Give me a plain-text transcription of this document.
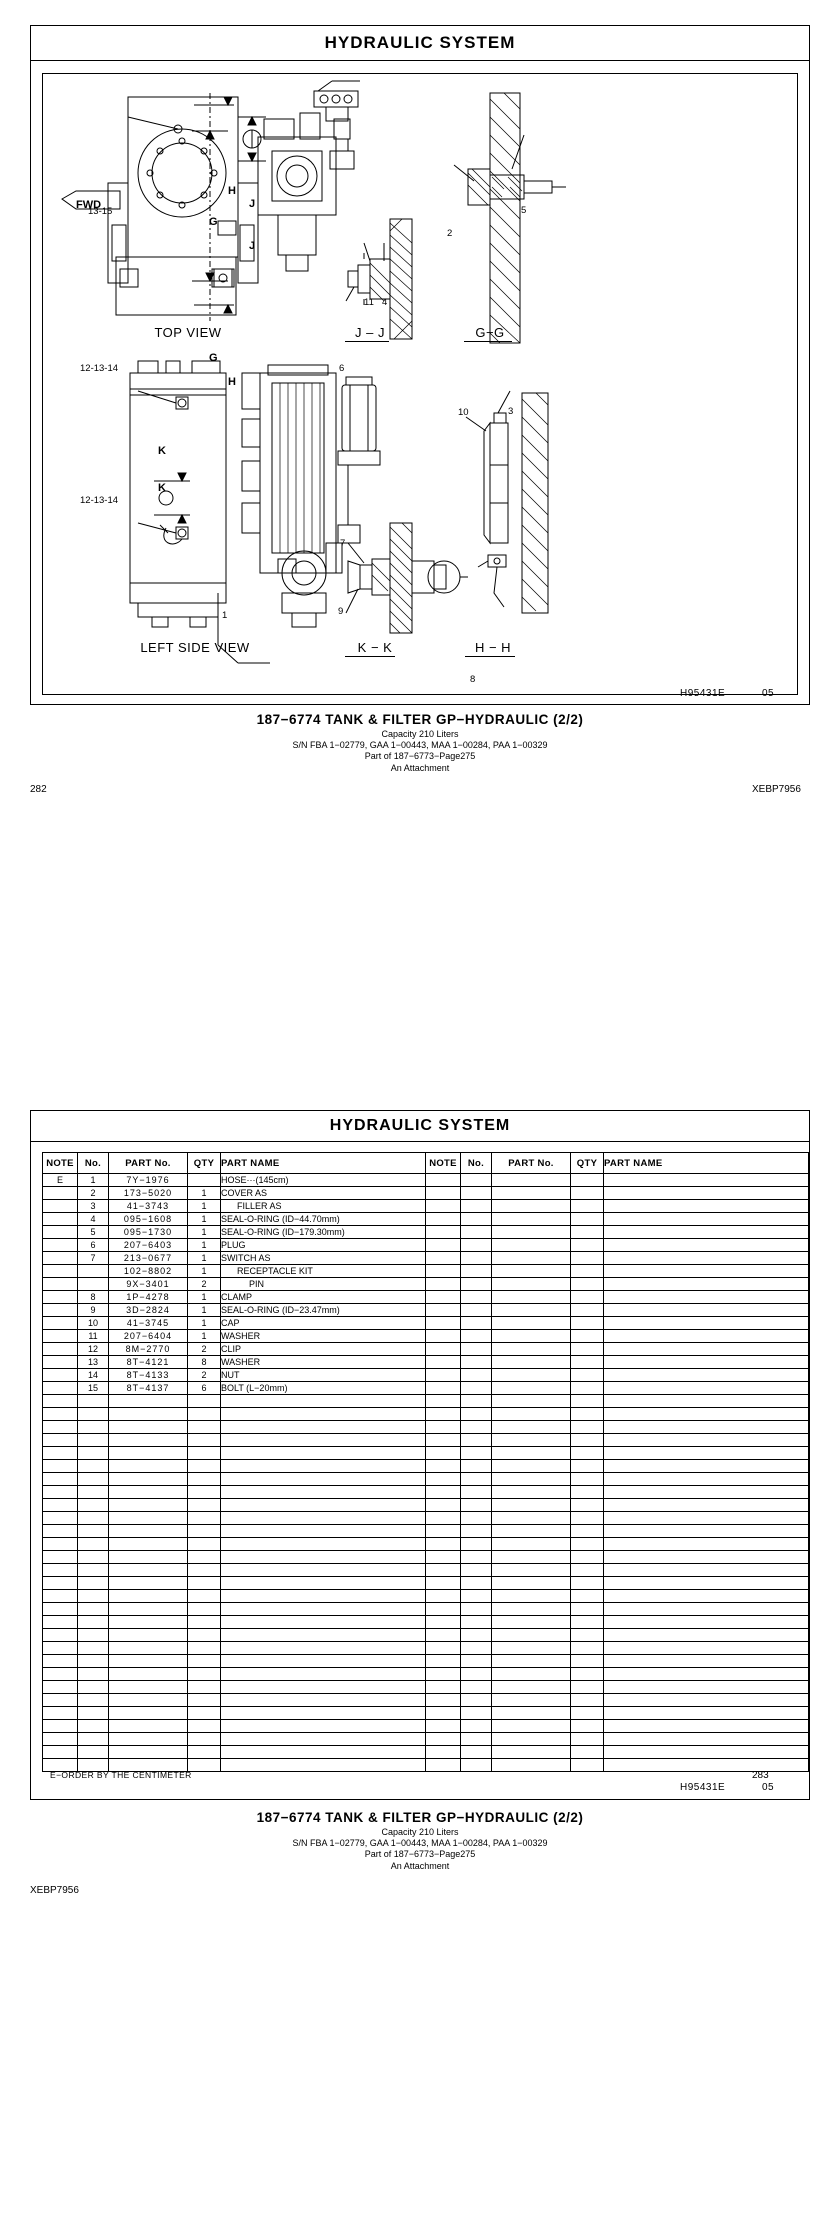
HYDRAULIC SYSTEM
13-15
G
G
H
H
J
J
FWD
11 4
6
5
2
12-13-14
12-13-14
K
K
1
7
9
3
10
8
TOP VIEW	J – J	G−G
LEFT SIDE VIEW	K − K	H − H
H95431E	05
187−6774 TANK & FILTER GP−HYDRAULIC (2/2)
Capacity 210 Liters
S/N FBA 1−02779, GAA 1−00443, MAA 1−00284, PAA 1−00329
Part of 187−6773−Page275
An Attachment
282	XEBP7956
HYDRAULIC SYSTEM
NOTE	No.	PART No.	QTY	PART NAME	NOTE	No.	PART No.	QTY	PART NAME
E	1	7Y−1976		HOSE···(145cm)					
	2	173−5020	1	COVER AS					
	3	41−3743	1	FILLER AS					
	4	095−1608	1	SEAL-O-RING (ID−44.70mm)					
	5	095−1730	1	SEAL-O-RING (ID−179.30mm)					
	6	207−6403	1	PLUG					
	7	213−0677	1	SWITCH AS					
		102−8802	1	RECEPTACLE KIT					
		9X−3401	2	PIN					
	8	1P−4278	1	CLAMP					
	9	3D−2824	1	SEAL-O-RING (ID−23.47mm)					
	10	41−3745	1	CAP					
	11	207−6404	1	WASHER					
	12	8M−2770	2	CLIP					
	13	8T−4121	8	WASHER					
	14	8T−4133	2	NUT					
	15	8T−4137	6	BOLT (L−20mm)					

E−ORDER BY THE CENTIMETER
H95431E	05
187−6774 TANK & FILTER GP−HYDRAULIC (2/2)
Capacity 210 Liters
S/N FBA 1−02779, GAA 1−00443, MAA 1−00284, PAA 1−00329
Part of 187−6773−Page275
An Attachment
283
XEBP7956
